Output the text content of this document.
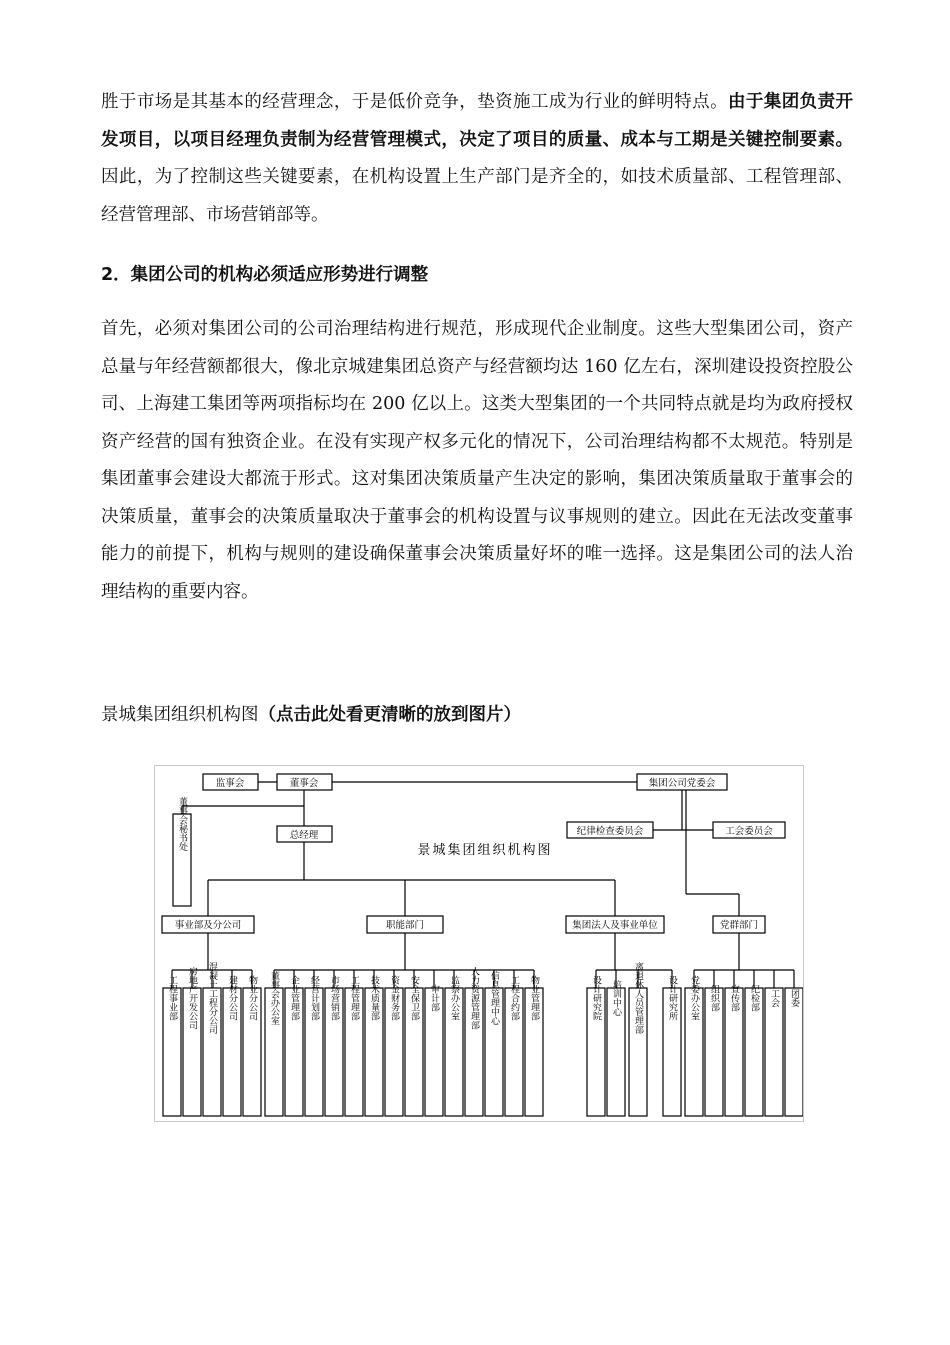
胜于市场是其基本的经营理念，于是低价竞争，垫资施工成为行业的鲜明特点。由于集团负责开发项目，以项目经理负责制为经营管理模式，决定了项目的质量、成本与工期是关键控制要素。因此，为了控制这些关键要素，在机构设置上生产部门是齐全的，如技术质量部、工程管理部、经营管理部、市场营销部等。

2．集团公司的机构必须适应形势进行调整

首先，必须对集团公司的公司治理结构进行规范，形成现代企业制度。这些大型集团公司，资产总量与年经营额都很大，像北京城建集团总资产与经营额均达 160 亿左右，深圳建设投资控股公司、上海建工集团等两项指标均在 200 亿以上。这类大型集团的一个共同特点就是均为政府授权资产经营的国有独资企业。在没有实现产权多元化的情况下，公司治理结构都不太规范。特别是集团董事会建设大都流于形式。这对集团决策质量产生决定的影响，集团决策质量取于董事会的决策质量，董事会的决策质量取决于董事会的机构设置与议事规则的建立。因此在无法改变董事能力的前提下，机构与规则的建设确保董事会决策质量好坏的唯一选择。这是集团公司的法人治理结构的重要内容。

景城集团组织机构图（点击此处看更清晰的放到图片）

监事会	董事会	集团公司党委会
董事会秘书处	总经理
景城集团组织机构图
纪律检查委员会	工会委员会
事业部及分公司
工程事业部 房地产开发公司 混凝土工程分公司 建材分公司 物业分公司
职能部门
董事会办公室 企业管理部 经营计划部 市场营销部 工程管理部 技术质量部 资金财务部 安全保卫部 审计部 监察办公室 人力资源管理部 信息管理中心 工程合约部 物业管理部
集团法人及事业单位
设计研究院 培训中心 离退休人员管理部
党群部门
党委办公室 组织部 宣传部 纪检部 工会 团委
设计研究所
